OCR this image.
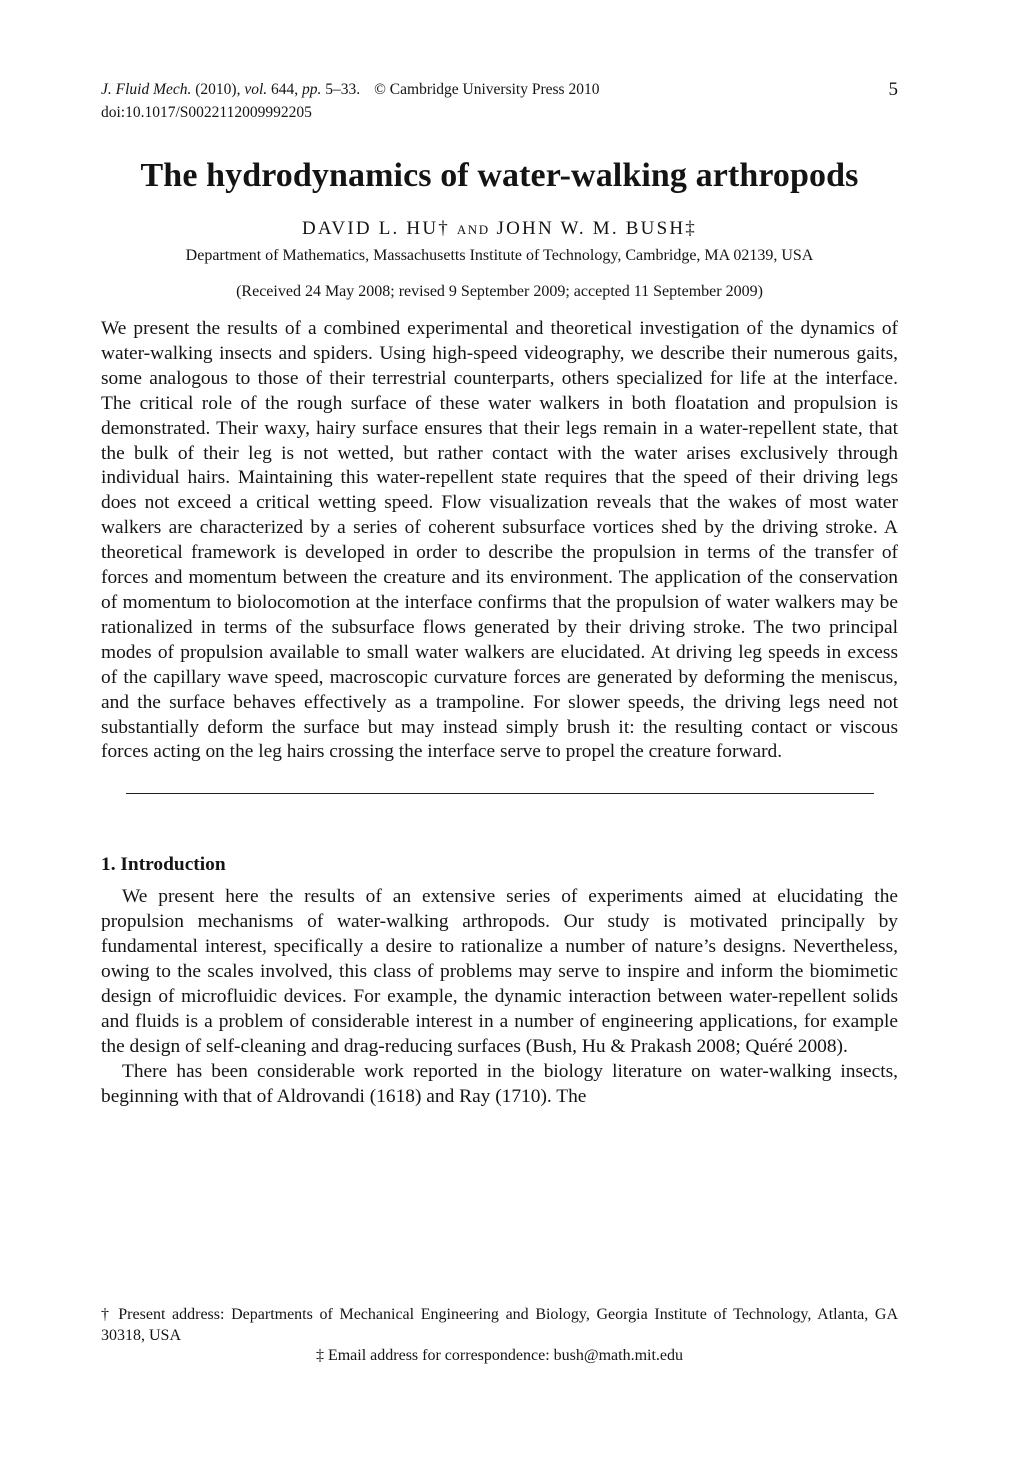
J. Fluid Mech. (2010), vol. 644, pp. 5–33. © Cambridge University Press 2010
doi:10.1017/S0022112009992205
5
The hydrodynamics of water-walking arthropods
DAVID L. HU† AND JOHN W. M. BUSH‡
Department of Mathematics, Massachusetts Institute of Technology, Cambridge, MA 02139, USA
(Received 24 May 2008; revised 9 September 2009; accepted 11 September 2009)

We present the results of a combined experimental and theoretical investigation of the dynamics of water-walking insects and spiders. Using high-speed videography, we describe their numerous gaits, some analogous to those of their terrestrial counterparts, others specialized for life at the interface. The critical role of the rough surface of these water walkers in both floatation and propulsion is demonstrated. Their waxy, hairy surface ensures that their legs remain in a water-repellent state, that the bulk of their leg is not wetted, but rather contact with the water arises exclusively through individual hairs. Maintaining this water-repellent state requires that the speed of their driving legs does not exceed a critical wetting speed. Flow visualization reveals that the wakes of most water walkers are characterized by a series of coherent subsurface vortices shed by the driving stroke. A theoretical framework is developed in order to describe the propulsion in terms of the transfer of forces and momentum between the creature and its environment. The application of the conservation of momentum to biolocomotion at the interface confirms that the propulsion of water walkers may be rationalized in terms of the subsurface flows generated by their driving stroke. The two principal modes of propulsion available to small water walkers are elucidated. At driving leg speeds in excess of the capillary wave speed, macroscopic curvature forces are generated by deforming the meniscus, and the surface behaves effectively as a trampoline. For slower speeds, the driving legs need not substantially deform the surface but may instead simply brush it: the resulting contact or viscous forces acting on the leg hairs crossing the interface serve to propel the creature forward.

1. Introduction

We present here the results of an extensive series of experiments aimed at elucidating the propulsion mechanisms of water-walking arthropods. Our study is motivated principally by fundamental interest, specifically a desire to rationalize a number of nature’s designs. Nevertheless, owing to the scales involved, this class of problems may serve to inspire and inform the biomimetic design of microfluidic devices. For example, the dynamic interaction between water-repellent solids and fluids is a problem of considerable interest in a number of engineering applications, for example the design of self-cleaning and drag-reducing surfaces (Bush, Hu & Prakash 2008; Quéré 2008).

There has been considerable work reported in the biology literature on water-walking insects, beginning with that of Aldrovandi (1618) and Ray (1710). The

† Present address: Departments of Mechanical Engineering and Biology, Georgia Institute of Technology, Atlanta, GA 30318, USA
‡ Email address for correspondence: bush@math.mit.edu
